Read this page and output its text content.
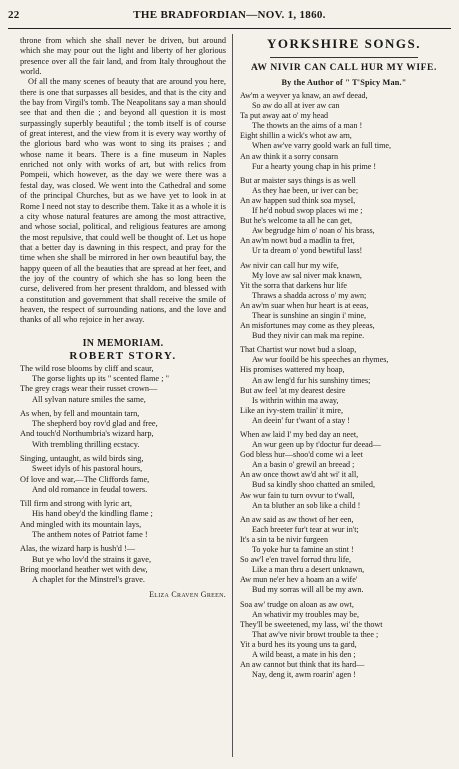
22	THE BRADFORDIAN—NOV. 1, 1860.

throne from which she shall never be driven, but around which she may pour out the light and liberty of her glorious presence over all the fair land, and from Italy throughout the world.

Of all the many scenes of beauty that are around you here, there is one that surpasses all besides, and that is the city and the bay from Virgil's tomb. The Neapolitans say a man should see that and then die ; and beyond all question it is most surpassingly superbly beautiful ; the tomb itself is of course of great interest, and the view from it is every way worthy of the glorious bard who was wont to sing its praises ; and whose name it bears. There is a fine museum in Naples enriched not only with works of art, but with relics from Pompeii, which however, as the day we were there was a festal day, was closed. We went into the Cathedral and some of the principal Churches, but as we have yet to look in at Rome I need not stay to describe them. Take it as a whole it is a city whose natural features are among the most attractive, and whose social, political, and religious features are among the most repulsive, that could well be thought of. Let us hope that a better day is dawning in this respect, and pray for the time when she shall be mirrored in her own beautiful bay, the happy queen of all the beauties that are spread at her feet, and the joy of the country of which she has so long been the curse, delivered from her present thraldom, and blessed with a constitution and government that shall receive the smile of heaven, the respect of surrounding nations, and the love and thanks of all who rejoice in her away.

IN MEMORIAM.
ROBERT STORY.
The wild rose blooms by cliff and scaur,
The gorse lights up its " scented flame ; "
The grey crags wear their russet crown—
All sylvan nature smiles the same,
As when, by fell and mountain tarn,
The shepherd boy rov'd glad and free,
And touch'd Northumbria's wizard harp,
With trembling thrilling ecstacy.
Singing, untaught, as wild birds sing,
Sweet idyls of his pastoral hours,
Of love and war,—The Cliffords fame,
And old romance in feudal towers.
Till firm and strong with lyric art,
His hand obey'd the kindling flame ;
And mingled with its mountain lays,
The anthem notes of Patriot fame !
Alas, the wizard harp is hush'd !—
But ye who lov'd the strains it gave,
Bring moorland heather wet with dew,
A chaplet for the Minstrel's grave.
Eliza Craven Green.
YORKSHIRE SONGS.
AW NIVIR CAN CALL HUR MY WIFE.
By the Author of " T'Spicy Man."
Aw'm a weyver ya knaw, an awf deead,
So aw do all at iver aw can
Ta put away aat o' my head
The thowts an the aims of a man !
Eight shillin a wick's whot aw arn,
When aw've varry goold wark an full time,
An aw think it a sorry consarn
Fur a hearty young chap in his prime !
But ar maister says things is as well
As they hae been, ur iver can be;
An aw happen sud think soa myseI,
If he'd nobud swop places wi me ;
But he's welcome ta all he can get,
Aw begrudge him o' noan o' his brass,
An aw'm nowt bud a madlin ta fret,
Ur ta dream o' yond bewtiful lass!
Aw nivir can call hur my wife,
My love aw sal niver mak knawn,
Yit the sorra that darkens hur life
Thraws a shadda across o' my awn;
An aw'm suar when hur heart is at eeas,
Thear is sunshine an singin i' mine,
An misfortunes may come as they pleeas,
Bud they nivir can mak ma repine.
That Chartist wur nowt bud a sloap,
Aw wur fooild be his speeches an rhymes,
His promises wattered my hoap,
An aw leng'd fur his sunshiny times;
But aw feel 'at my dearest desire
Is withrin within ma away,
Like an ivy-stem trailin' it mire,
An deein' fur t'want of a stay !
When aw laid I' my bed day an neet,
An wur geen up by t'doctur fur deead—
God bless hur—shoo'd come wi a leet
An a basin o' grewil an breead ;
An aw once thowt aw'd aht wi' it all,
Bud sa kindly shoo chatted an smiled,
Aw wur fain tu turn ovvur to t'wall,
An ta bluther an sob like a child !
An aw said as aw thowt of her een,
Each breeter fur't tear at wur in't;
It's a sin ta be nivir furgeen
To yoke hur ta famine an stint !
So aw'l e'en travel forrud thru life,
Like a man thru a desert unknawn,
Aw mun ne'er hev a hoam an a wife'
Bud my sorras will all be my awn.
Soa aw' trudge on aloan as aw owt,
An whativir my troubles may be,
They'll be sweetened, my lass, wi' the thowt
That aw've nivir browt trouble ta thee ;
Yit a burd hes its young uns ta gard,
A wild beast, a mate in his den ;
An aw cannot but think that its hard—
Nay, deng it, awm roarin' agen !
